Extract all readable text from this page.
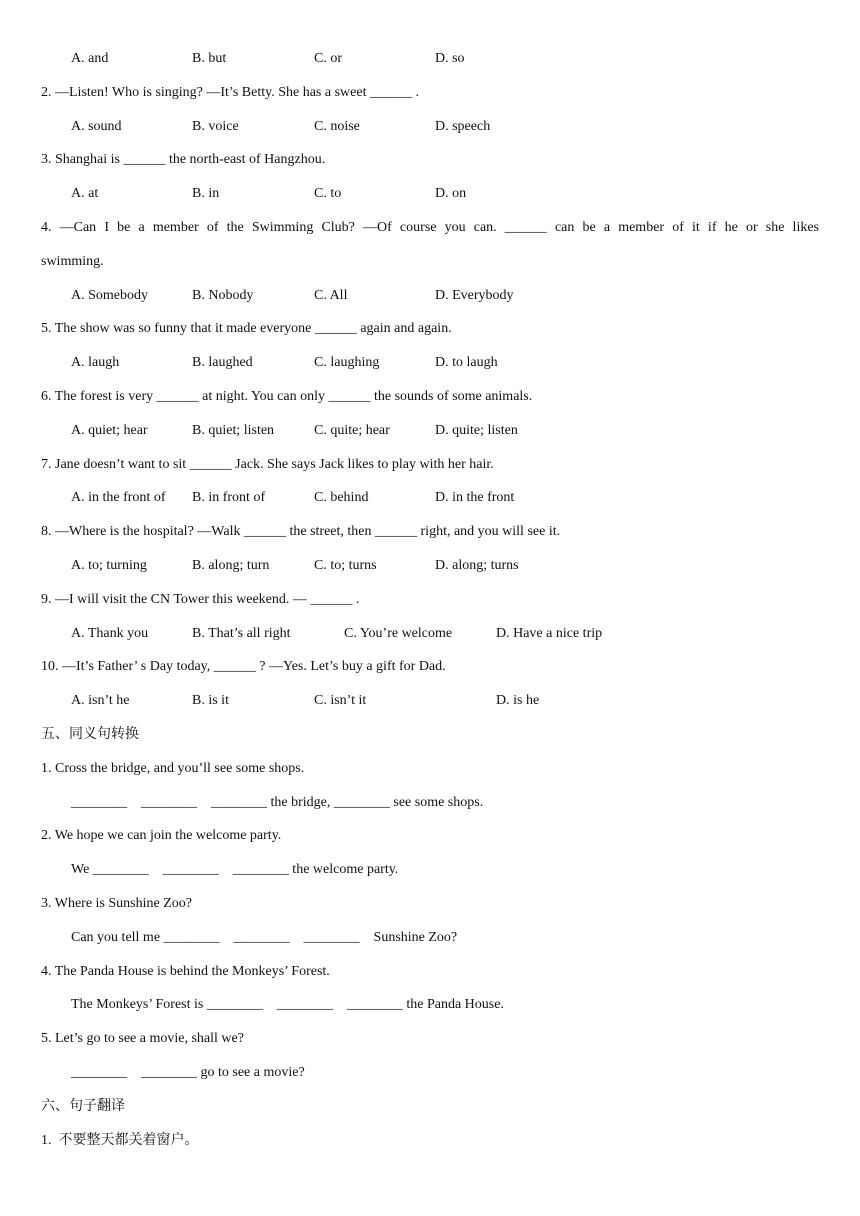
A. and	B. but	C. or	D. so
2. —Listen! Who is singing? —It’s Betty. She has a sweet ______ .
A. sound	B. voice	C. noise	D. speech
3. Shanghai is ______ the north-east of Hangzhou.
A. at	B. in	C. to	D. on
4. —Can I be a member of the Swimming Club? —Of course you can. ______ can be a member of it if he or she likes
swimming.
A. Somebody	B. Nobody	C. All	D. Everybody
5. The show was so funny that it made everyone ______ again and again.
A. laugh	B. laughed	C. laughing	D. to laugh
6. The forest is very ______ at night. You can only ______ the sounds of some animals.
A. quiet; hear	B. quiet; listen	C. quite; hear	D. quite; listen
7. Jane doesn’t want to sit ______ Jack. She says Jack likes to play with her hair.
A. in the front of B. in front of	C. behind	D. in the front
8. —Where is the hospital? —Walk ______ the street, then ______ right, and you will see it.
A. to; turning	B. along; turn	C. to; turns	D. along; turns
9. —I will visit the CN Tower this weekend. — ______ .
A. Thank you	B. That’s all right	C. You’re welcome	D. Have a nice trip
10. —It’s Father’ s Day today, ______ ? —Yes. Let’s buy a gift for Dad.
A. isn’t he	B. is it	C. isn’t it	D. is he
五、同义句转换
1. Cross the bridge, and you’ll see some shops.
________    ________    ________ the bridge, ________ see some shops.
2. We hope we can join the welcome party.
We ________    ________    ________ the welcome party.
3. Where is Sunshine Zoo?
Can you tell me ________    ________    ________    Sunshine Zoo?
4. The Panda House is behind the Monkeys’ Forest.
The Monkeys’ Forest is ________    ________    ________ the Panda House.
5. Let’s go to see a movie, shall we?
________    ________ go to see a movie?
六、句子翻译
1.  不要整天都关着窗户。
